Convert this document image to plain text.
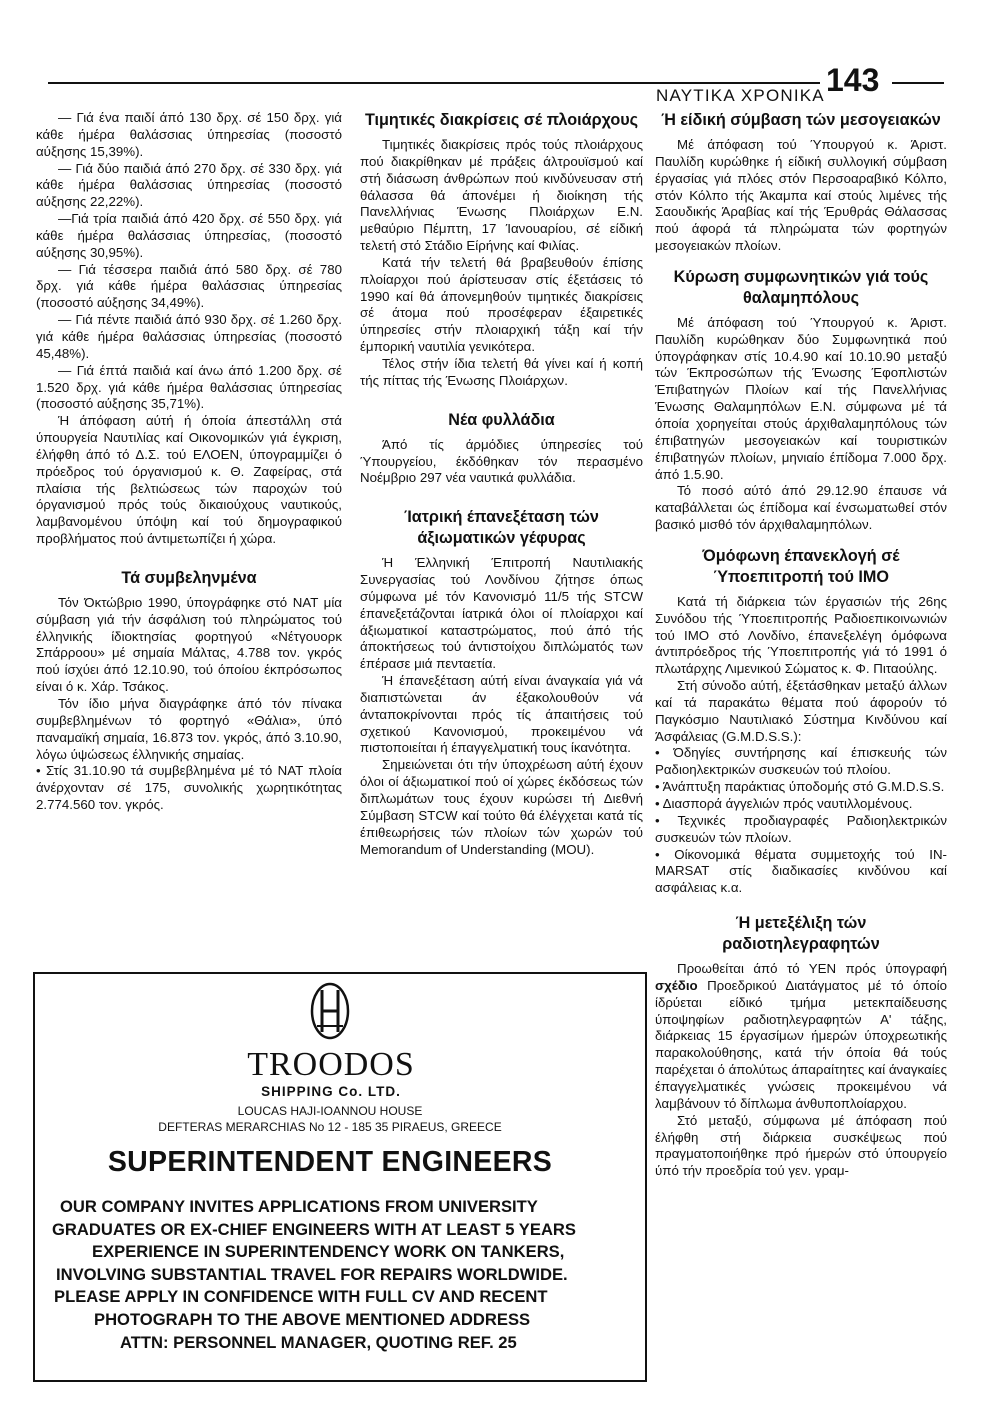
ΝΑΥΤΙΚΑ ΧΡΟΝΙΚΑ 143

— Γιά ένα παιδί άπό 130 δρχ. σέ 150 δρχ. γιά κάθε ήμέρα θαλάσσιας ύπηρεσίας (ποσοστό αύξησης 15,39%).

— Γιά δύο παιδιά άπό 270 δρχ. σέ 330 δρχ. γιά κάθε ήμέρα θαλάσσιας ύπηρεσίας (ποσοστό αύξησης 22,22%).

—Γιά τρία παιδιά άπό 420 δρχ. σέ 550 δρχ. γιά κάθε ήμέρα θαλάσσιας ύπηρεσίας, (ποσοστό αύξησης 30,95%).

— Γιά τέσσερα παιδιά άπό 580 δρχ. σέ 780 δρχ. γιά κάθε ήμέρα θαλάσσιας ύπηρεσίας (ποσοστό αύξησης 34,49%).

— Γιά πέντε παιδιά άπό 930 δρχ. σέ 1.260 δρχ. γιά κάθε ήμέρα θαλάσσιας ύπηρεσίας (ποσοστό 45,48%).

— Γιά έπτά παιδιά καί άνω άπό 1.200 δρχ. σέ 1.520 δρχ. γιά κάθε ήμέρα θαλάσσιας ύπηρεσίας (ποσοστό αύξησης 35,71%).

Ή άπόφαση αύτή ή όποία άπεστάλλη στά ύπουργεία Ναυτιλίας καί Οικονομικών γιά έγκριση, έλήφθη άπό τό Δ.Σ. τού ΕΛΟΕΝ, ύπογραμμίζει ό πρόεδρος τού όργανισμού κ. Θ. Ζαφείρας, στά πλαίσια τής βελτιώσεως τών παροχών τού όργανισμού πρός τούς δικαιούχους ναυτικούς, λαμβανομένου ύπόψη καί τού δημογραφικού προβλήματος πού άντιμετωπίζει ή χώρα.

Τά συμβεληνμένα

Τόν Όκτώβριο 1990, ύπογράφηκε στό ΝΑΤ μία σύμβαση γιά τήν άσφάλιση τού πληρώματος τού έλληνικής ίδιοκτησίας φορτηγού «Νέτγουορκ Σπάρροου» μέ σημαία Μάλτας, 4.788 τον. γκρός πού ίσχύει άπό 12.10.90, τού όποίου έκπρόσωπος είναι ό κ. Χάρ. Τσάκος.

Τόν ίδιο μήνα διαγράφηκε άπό τόν πίνακα συμβεβλημένων τό φορτηγό «Θάλια», ύπό παναμαϊκή σημαία, 16.873 τον. γκρός, άπό 3.10.90, λόγω ύψώσεως έλληνικής σημαίας.

• Στίς 31.10.90 τά συμβεβλημένα μέ τό ΝΑΤ πλοία άνέρχονταν σέ 175, συνολικής χωρητικότητας 2.774.560 τον. γκρός.

Τιμητικές διακρίσεις σέ πλοιάρχους

Τιμητικές διακρίσεις πρός τούς πλοιάρχους πού διακρίθηκαν μέ πράξεις άλτρουϊσμού καί στή διάσωση άνθρώπων πού κινδύνευσαν στή θάλασσα θά άπονέμει ή διοίκηση τής Πανελλήνιας Ένωσης Πλοιάρχων Ε.Ν. μεθαύριο Πέμπτη, 17 Ίανουαρίου, σέ είδική τελετή στό Στάδιο Είρήνης καί Φιλίας.

Κατά τήν τελετή θά βραβευθούν έπίσης πλοίαρχοι πού άρίστευσαν στίς έξετάσεις τό 1990 καί θά άπονεμηθούν τιμητικές διακρίσεις σέ άτομα πού προσέφεραν έξαιρετικές ύπηρεσίες στήν πλοιαρχική τάξη καί τήν έμπορική ναυτιλία γενικότερα.

Τέλος στήν ίδια τελετή θά γίνει καί ή κοπή τής πίττας τής Ένωσης Πλοιάρχων.

Νέα φυλλάδια

Άπό τίς άρμόδιες ύπηρεσίες τού Ύπουργείου, έκδόθηκαν τόν περασμένο Νοέμβριο 297 νέα ναυτικά φυλλάδια.

Ίατρική έπανεξέταση τών άξιωματικών γέφυρας

Ή Έλληνική Έπιτροπή Ναυτιλιακής Συνεργασίας τού Λονδίνου ζήτησε όπως σύμφωνα μέ τόν Κανονισμό 11/5 τής STCW έπανεξετάζονται ίατρικά όλοι οί πλοίαρχοι καί άξιωματικοί καταστρώματος, πού άπό τής άποκτήσεως τού άντιστοίχου διπλώματός των έπέρασε μιά πενταετία.

Ή έπανεξέταση αύτή είναι άναγκαία γιά νά διαπιστώνεται άν έξακολουθούν νά άνταποκρίνονται πρός τίς άπαιτήσεις τού σχετικού Κανονισμού, προκειμένου νά πιστοποιείται ή έπαγγελματική τους ίκανότητα.

Σημειώνεται ότι τήν ύποχρέωση αύτή έχουν όλοι οί άξιωματικοί πού οί χώρες έκδόσεως τών διπλωμάτων τους έχουν κυρώσει τή Διεθνή Σύμβαση STCW καί τούτο θά έλέγχεται κατά τίς έπιθεωρήσεις τών πλοίων τών χωρών τού Memorandum of Understanding (MOU).

Ή είδική σύμβαση τών μεσογειακών

Μέ άπόφαση τού Ύπουργού κ. Άριστ. Παυλίδη κυρώθηκε ή είδική συλλογική σύμβαση έργασίας γιά πλόες στόν Περσοαραβικό Κόλπο, στόν Κόλπο τής Άκαμπα καί στούς λιμένες τής Σαουδικής Άραβίας καί τής Έρυθράς Θάλασσας πού άφορά τά πληρώματα τών φορτηγών μεσογειακών πλοίων.

Κύρωση συμφωνητικών γιά τούς θαλαμηπόλους

Μέ άπόφαση τού Ύπουργού κ. Άριστ. Παυλίδη κυρώθηκαν δύο Συμφωνητικά πού ύπογράφηκαν στίς 10.4.90 καί 10.10.90 μεταξύ τών Έκπροσώπων τής Ένωσης Έφοπλιστών Έπιβατηγών Πλοίων καί τής Πανελλήνιας Ένωσης Θαλαμηπόλων Ε.Ν. σύμφωνα μέ τά όποία χορηγείται στούς άρχιθαλαμηπόλους τών έπιβατηγών μεσογειακών καί τουριστικών έπιβατηγών πλοίων, μηνιαίο έπίδομα 7.000 δρχ. άπό 1.5.90.

Τό ποσό αύτό άπό 29.12.90 έπαυσε νά καταβάλλεται ώς έπίδομα καί ένσωματωθεί στόν βασικό μισθό τόν άρχιθαλαμηπόλων.

Όμόφωνη έπανεκλογή σέ Ύποεπιτροπή τού ΙΜΟ

Κατά τή διάρκεια τών έργασιών τής 26ης Συνόδου τής Ύποεπιτροπής Ραδιοεπικοινωνιών τού ΙΜΟ στό Λονδίνο, έπανεξελέγη όμόφωνα άντιπρόεδρος τής Ύποεπιτροπής γιά τό 1991 ό πλωτάρχης Λιμενικού Σώματος κ. Φ. Πιταούλης.

Στή σύνοδο αύτή, έξετάσθηκαν μεταξύ άλλων καί τά παρακάτω θέματα πού άφορούν τό Παγκόσμιο Ναυτιλιακό Σύστημα Κινδύνου καί Άσφάλειας (G.M.D.S.S.):

• Όδηγίες συντήρησης καί έπισκευής τών Ραδιοηλεκτρικών συσκευών τού πλοίου.

• Άνάπτυξη παράκτιας ύποδομής στό G.M.D.S.S.

• Διασπορά άγγελιών πρός ναυτιλλομένους.

• Τεχνικές προδιαγραφές Ραδιοηλεκτρικών συσκευών τών πλοίων.

• Οίκονομικά θέματα συμμετοχής τού ΙΝ-MARSAT στίς διαδικασίες κινδύνου καί ασφάλειας κ.α.

Ή μετεξέλιξη τών ραδιοτηλεγραφητών

Προωθείται άπό τό ΥΕΝ πρός ύπογραφή σχέδιο Προεδρικού Διατάγματος μέ τό όποίο ίδρύεται είδικό τμήμα μετεκπαίδευσης ύποψηφίων ραδιοτηλεγραφητών Α' τάξης, διάρκειας 15 έργασίμων ήμερών ύποχρεωτικής παρακολούθησης, κατά τήν όποία θά τούς παρέχεται ό άπολύτως άπαραίτητες καί άναγκαίες έπαγγελματικές γνώσεις προκειμένου νά λαμβάνουν τό δίπλωμα άνθυποπλοίαρχου.

Στό μεταξύ, σύμφωνα μέ άπόφαση πού έλήφθη στή διάρκεια συσκέψεως πού πραγματοποιήθηκε πρό ήμερών στό ύπουργείο ύπό τήν προεδρία τού γεν. γραμ-

TROODOS
SHIPPING Co. LTD.
LOUCAS HAJI-IOANNOU HOUSE
DEFTERAS MERARCHIAS No 12 - 185 35 PIRAEUS, GREECE
SUPERINTENDENT ENGINEERS
OUR COMPANY INVITES APPLICATIONS FROM UNIVERSITY
GRADUATES OR EX-CHIEF ENGINEERS WITH AT LEAST 5 YEARS
EXPERIENCE IN SUPERINTENDENCY WORK ON TANKERS,
INVOLVING SUBSTANTIAL TRAVEL FOR REPAIRS WORLDWIDE.
PLEASE APPLY IN CONFIDENCE WITH FULL CV AND RECENT
PHOTOGRAPH TO THE ABOVE MENTIONED ADDRESS
ATTN: PERSONNEL MANAGER, QUOTING REF. 25
